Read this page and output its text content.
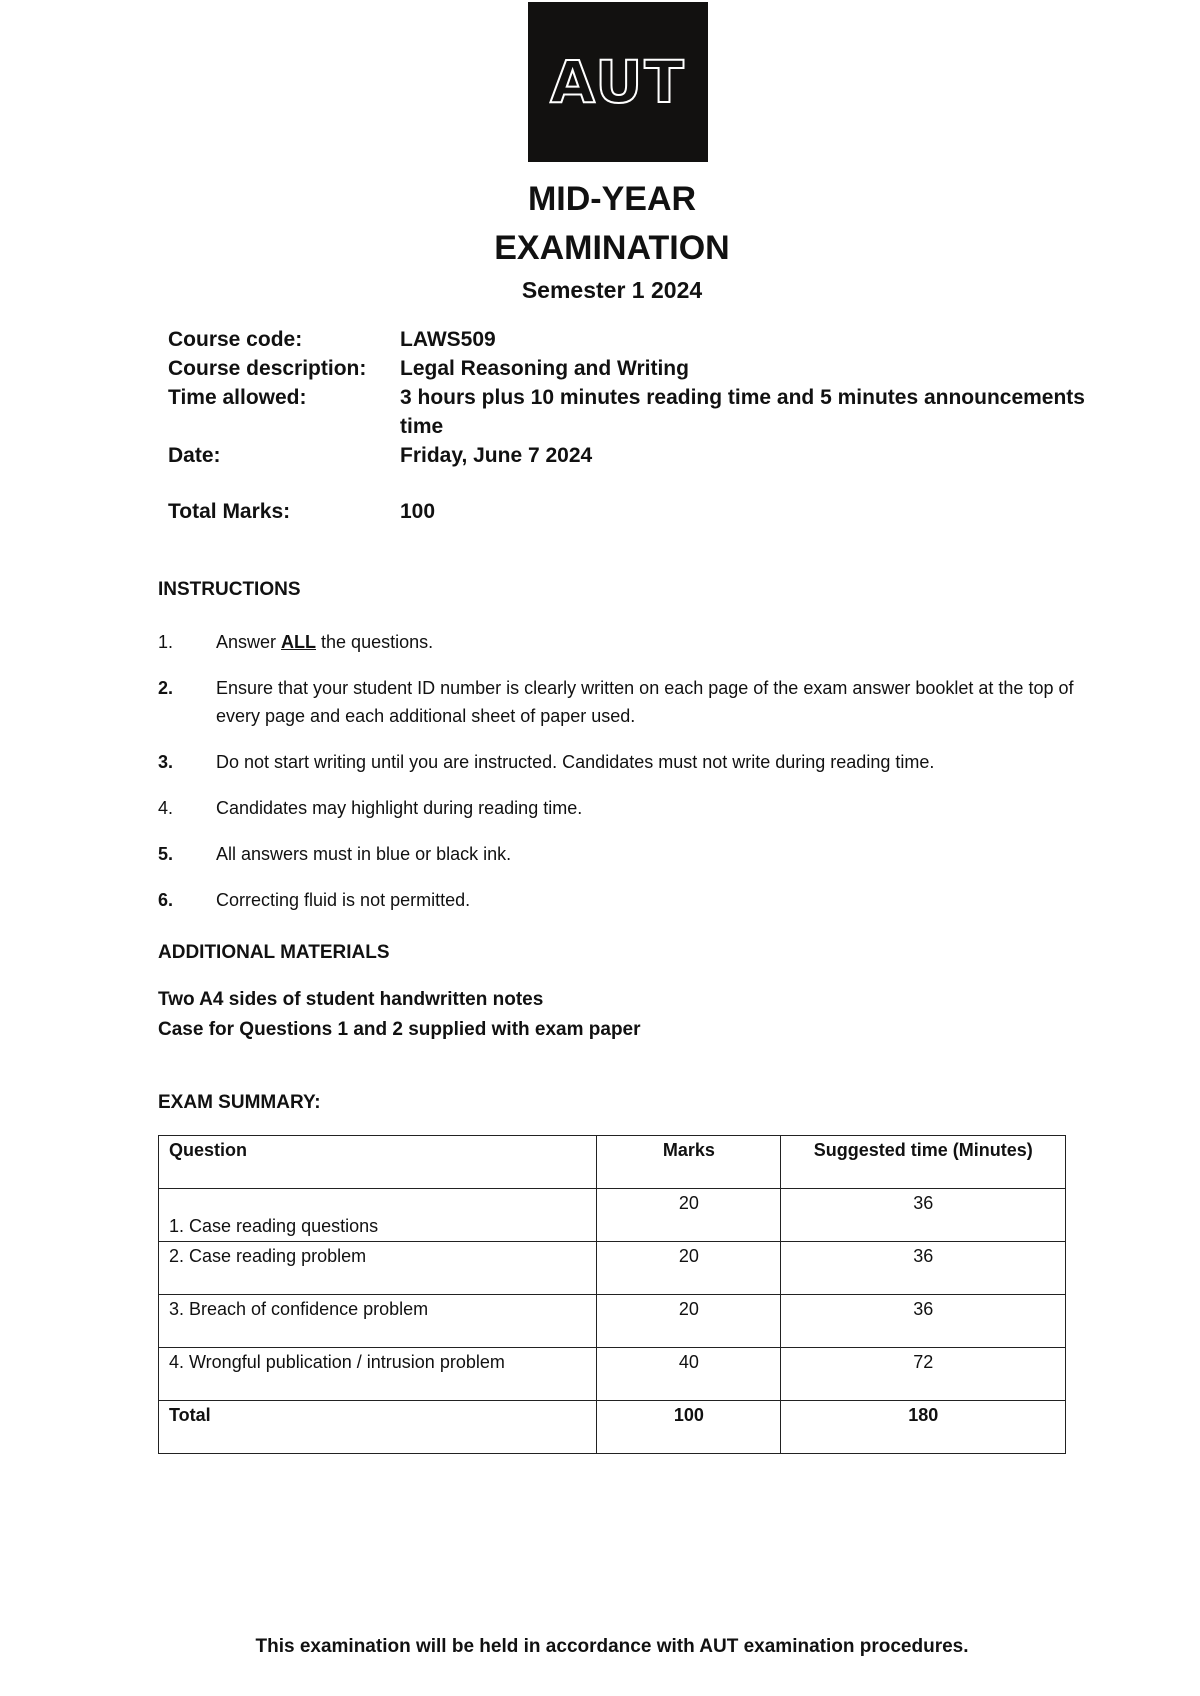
AUT
MID-YEAR
EXAMINATION
Semester 1 2024
Course code:	LAWS509
Course description:	Legal Reasoning and Writing
Time allowed:	3 hours plus 10 minutes reading time and 5 minutes announcements time
Date:	Friday, June 7 2024
Total Marks:	100
INSTRUCTIONS
1.	Answer ALL the questions.
2.	Ensure that your student ID number is clearly written on each page of the exam answer booklet at the top of every page and each additional sheet of paper used.
3.	Do not start writing until you are instructed. Candidates must not write during reading time.
4.	Candidates may highlight during reading time.
5.	All answers must in blue or black ink.
6.	Correcting fluid is not permitted.
ADDITIONAL MATERIALS
Two A4 sides of student handwritten notes
Case for Questions 1 and 2 supplied with exam paper
EXAM SUMMARY:
Question	Marks	Suggested time (Minutes)
1. Case reading questions	20	36
2. Case reading problem	20	36
3. Breach of confidence problem	20	36
4. Wrongful publication / intrusion problem	40	72
Total	100	180
This examination will be held in accordance with AUT examination procedures.
